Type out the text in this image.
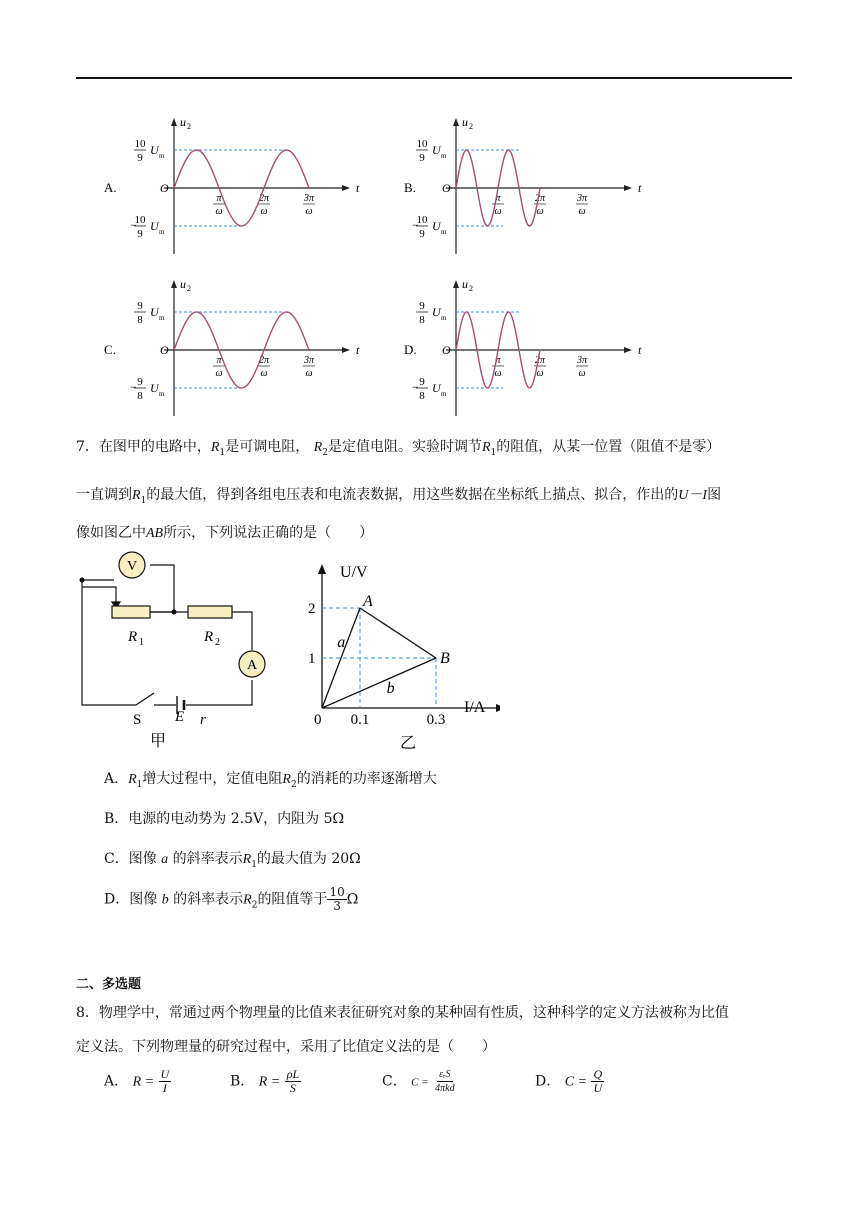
A.	t
u 2
O
10
9
U m
−
10
9
U m
π
ω
2π
ω
3π
ω
B.	t
u 2
O
10
9
U m
−
10
9
U m
π
ω
2π
ω
3π
ω
C.	t
u 2
O
9
8
U m
− 9
8
U m
π
ω
2π
ω
3π
ω
D.	t
u 2
O
9
8
U m
− 9
8
U m
π
ω
2π
ω
3π
ω
7．在图甲的电路中，$R_1$是可调电阻， $R_2$是定值电阻。实验时调节$R_1$的阻值，从某一位置（阻值不是零）
一直调到$R_1$的最大值，得到各组电压表和电流表数据，用这些数据在坐标纸上描点、拟合，作出的U－I图
像如图乙中AB所示，下列说法正确的是（　　）
V
A
R 1	R 2
S E r
甲
U/V
I/A
0 0.1	0.3
1
2
a
b
A
B
乙
A．$R_1$增大过程中，定值电阻$R_2$的消耗的功率逐渐增大
B．电源的电动势为 2.5V，内阻为 5Ω
C．图像 a 的斜率表示$R_1$的最大值为 20Ω
D．图像 b 的斜率表示$R_2$的阻值等于 $\frac{10}{3}$ Ω
二、多选题
8．物理学中，常通过两个物理量的比值来表征研究对象的某种固有性质，这种科学的定义方法被称为比值
定义法。下列物理量的研究过程中，采用了比值定义法的是（　　）
A． $R = \frac{U}{I}$	B． $R = \frac{\rho L}{S}$	C． $C = \frac{\text{εᵣS}}{\text{4πkd}}$	D． $C = \frac{Q}{U}$
